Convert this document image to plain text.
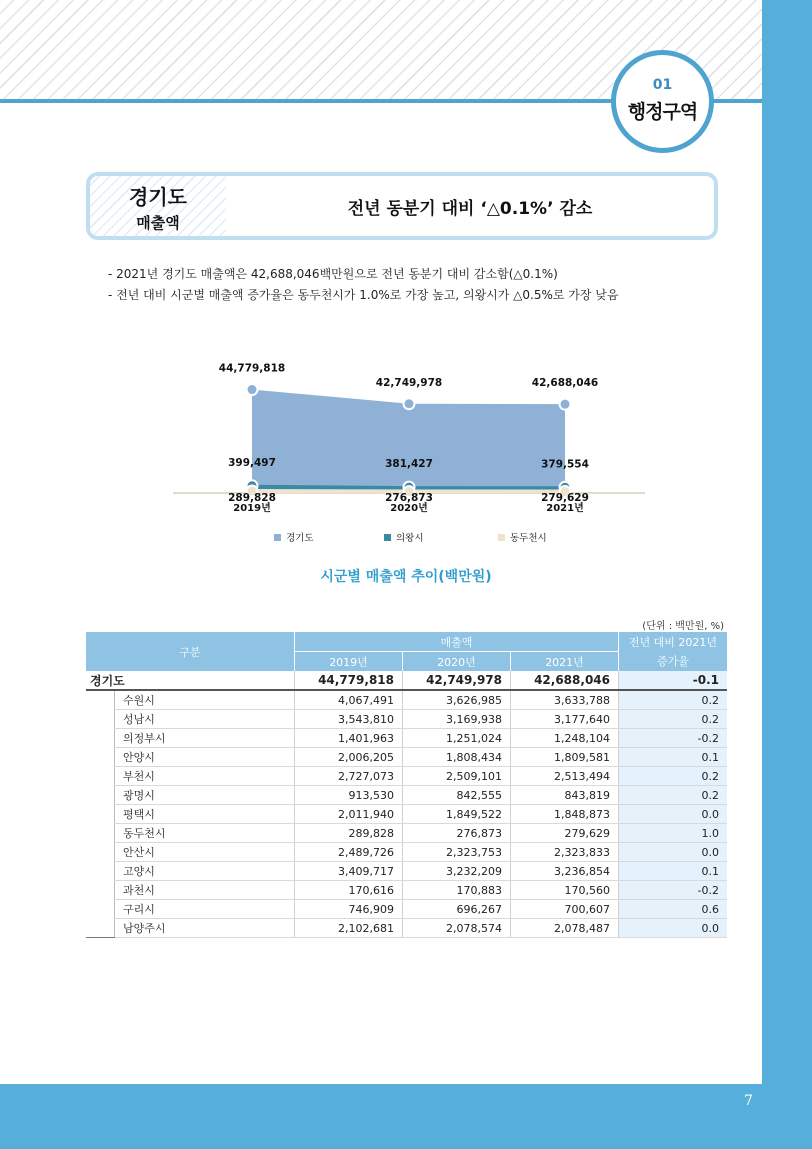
7
01
행정구역
경기도
매출액
전년 동분기 대비 ‘△0.1%’ 감소
- 2021년 경기도 매출액은 42,688,046백만원으로 전년 동분기 대비 감소함(△0.1%)
- 전년 대비 시군별 매출액 증가율은 동두천시가 1.0%로 가장 높고, 의왕시가 △0.5%로 가장 낮음
44,779,818
42,749,978	42,688,046
399,497	381,427	379,554
289,828	276,873	279,629
2019년	2020년	2021년
경기도	의왕시	동두천시
시군별 매출액 추이(백만원)
(단위 : 백만원, %)
구분		매출액			전년 대비 2021년
		2019년	2020년	2021년	증가율
경기도		44,779,818	42,749,978	42,688,046	-0.1
	수원시	4,067,491	3,626,985	3,633,788	0.2
	성남시	3,543,810	3,169,938	3,177,640	0.2
	의정부시	1,401,963	1,251,024	1,248,104	-0.2
	안양시	2,006,205	1,808,434	1,809,581	0.1
	부천시	2,727,073	2,509,101	2,513,494	0.2
	광명시	913,530	842,555	843,819	0.2
	평택시	2,011,940	1,849,522	1,848,873	0.0
	동두천시	289,828	276,873	279,629	1.0
	안산시	2,489,726	2,323,753	2,323,833	0.0
	고양시	3,409,717	3,232,209	3,236,854	0.1
	과천시	170,616	170,883	170,560	-0.2
	구리시	746,909	696,267	700,607	0.6
	남양주시	2,102,681	2,078,574	2,078,487	0.0
